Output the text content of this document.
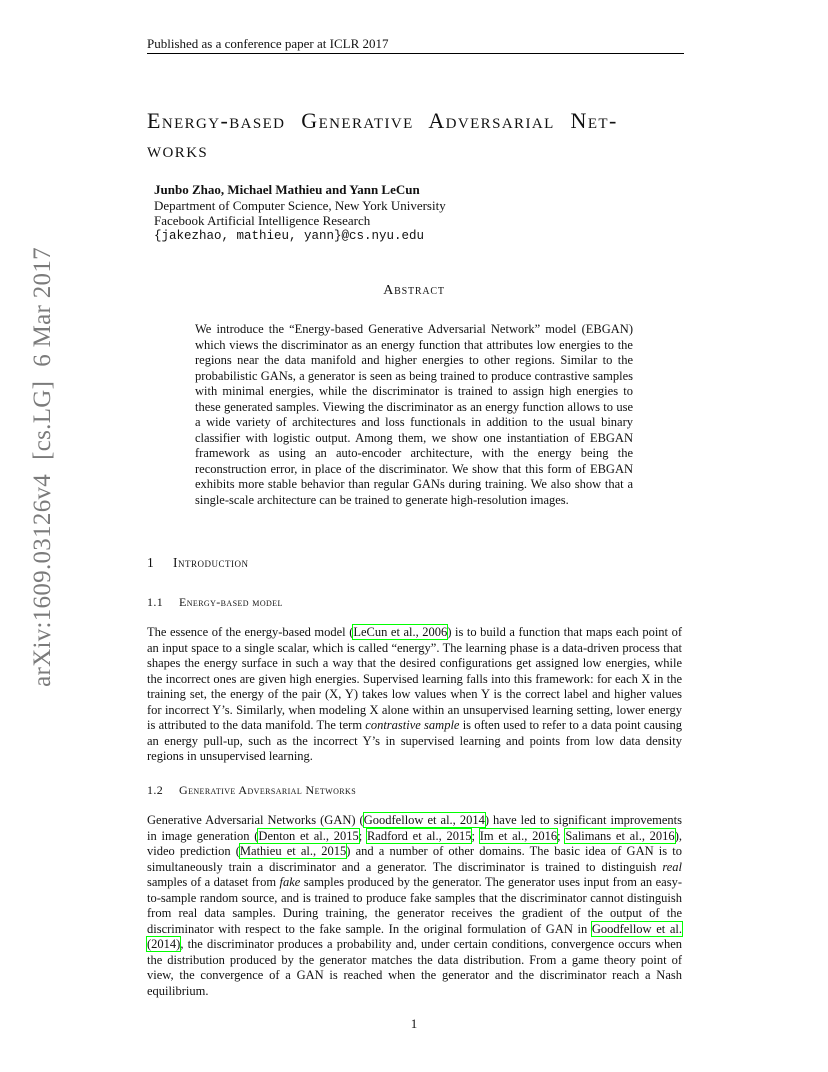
Published as a conference paper at ICLR 2017
arXiv:1609.03126v4[cs.LG]6 Mar 2017
Energy-based Generative Adversarial Net- works
Junbo Zhao, Michael Mathieu and Yann LeCun
Department of Computer Science, New York University
Facebook Artificial Intelligence Research
{jakezhao, mathieu, yann}@cs.nyu.edu
Abstract

We introduce the “Energy-based Generative Adversarial Network” model (EBGAN) which views the discriminator as an energy function that attributes low energies to the regions near the data manifold and higher energies to other regions. Similar to the probabilistic GANs, a generator is seen as being trained to produce contrastive samples with minimal energies, while the discriminator is trained to assign high energies to these generated samples. Viewing the discriminator as an energy function allows to use a wide variety of architectures and loss functionals in addition to the usual binary classifier with logistic output. Among them, we show one instantiation of EBGAN framework as using an auto-encoder architecture, with the energy being the reconstruction error, in place of the discriminator. We show that this form of EBGAN exhibits more stable behavior than regular GANs during training. We also show that a single-scale architecture can be trained to generate high-resolution images.

1 Introduction
1.1 Energy-based model

The essence of the energy-based model (LeCun et al., 2006) is to build a function that maps each point of an input space to a single scalar, which is called “energy”. The learning phase is a data-driven process that shapes the energy surface in such a way that the desired configurations get assigned low energies, while the incorrect ones are given high energies. Supervised learning falls into this framework: for each X in the training set, the energy of the pair (X, Y) takes low values when Y is the correct label and higher values for incorrect Y’s. Similarly, when modeling X alone within an unsupervised learning setting, lower energy is attributed to the data manifold. The term contrastive sample is often used to refer to a data point causing an energy pull-up, such as the incorrect Y’s in supervised learning and points from low data density regions in unsupervised learning.

1.2 Generative Adversarial Networks

Generative Adversarial Networks (GAN) (Goodfellow et al., 2014) have led to significant improvements in image generation (Denton et al., 2015; Radford et al., 2015; Im et al., 2016; Salimans et al., 2016), video prediction (Mathieu et al., 2015) and a number of other domains. The basic idea of GAN is to simultaneously train a discriminator and a generator. The discriminator is trained to distinguish real samples of a dataset from fake samples produced by the generator. The generator uses input from an easy-to-sample random source, and is trained to produce fake samples that the discriminator cannot distinguish from real data samples. During training, the generator receives the gradient of the output of the discriminator with respect to the fake sample. In the original formulation of GAN in Goodfellow et al. (2014), the discriminator produces a probability and, under certain conditions, convergence occurs when the distribution produced by the generator matches the data distribution. From a game theory point of view, the convergence of a GAN is reached when the generator and the discriminator reach a Nash equilibrium.

1
